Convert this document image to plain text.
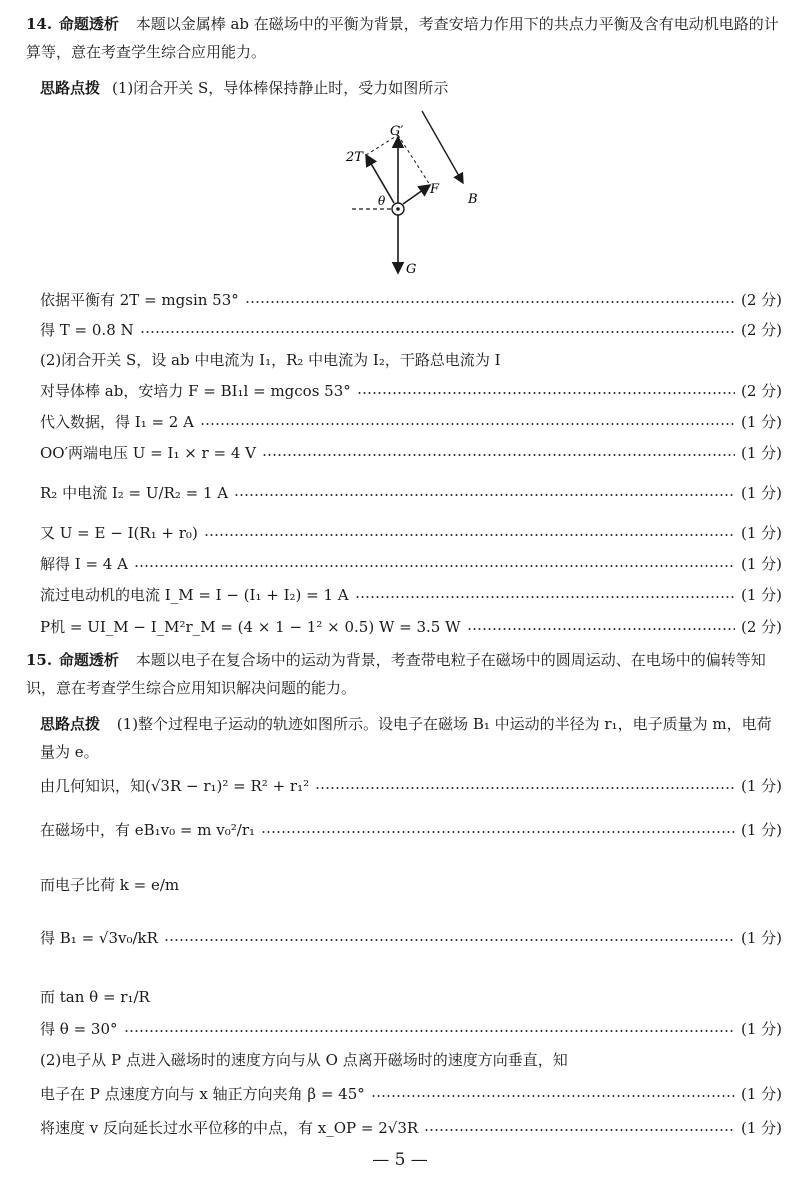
14. 命题透析 本题以金属棒 ab 在磁场中的平衡为背景，考查安培力作用下的共点力平衡及含有电动机电路的计算等，意在考查学生综合应用能力。
思路点拨 (1)闭合开关 S，导体棒保持静止时，受力如图所示
G′
2T
F
θ	B
G
依据平衡有 2T = mgsin 53°	(2 分)
得 T = 0.8 N	(2 分)
(2)闭合开关 S，设 ab 中电流为 I₁，R₂ 中电流为 I₂，干路总电流为 I
对导体棒 ab，安培力 F = BI₁l = mgcos 53°	(2 分)
代入数据，得 I₁ = 2 A	(1 分)
OO′两端电压 U = I₁ × r = 4 V	(1 分)
R₂ 中电流 I₂ = U/R₂ = 1 A	(1 分)
又 U = E − I(R₁ + r₀)	(1 分)
解得 I = 4 A	(1 分)
流过电动机的电流 I_M = I − (I₁ + I₂) = 1 A	(1 分)
P机 = UI_M − I_M²r_M = (4 × 1 − 1² × 0.5) W = 3.5 W	(2 分)
15. 命题透析 本题以电子在复合场中的运动为背景，考查带电粒子在磁场中的圆周运动、在电场中的偏转等知识，意在考查学生综合应用知识解决问题的能力。
思路点拨 (1)整个过程电子运动的轨迹如图所示。设电子在磁场 B₁ 中运动的半径为 r₁，电子质量为 m，电荷量为 e。
由几何知识，知(√3R − r₁)² = R² + r₁²	(1 分)
在磁场中，有 eB₁v₀ = m v₀²/r₁	(1 分)
而电子比荷 k = e/m
得 B₁ = √3v₀/kR	(1 分)
而 tan θ = r₁/R
得 θ = 30°	(1 分)
(2)电子从 P 点进入磁场时的速度方向与从 O 点离开磁场时的速度方向垂直，知
电子在 P 点速度方向与 x 轴正方向夹角 β = 45°	(1 分)
将速度 v 反向延长过水平位移的中点，有 x_OP = 2√3R	(1 分)
— 5 —
